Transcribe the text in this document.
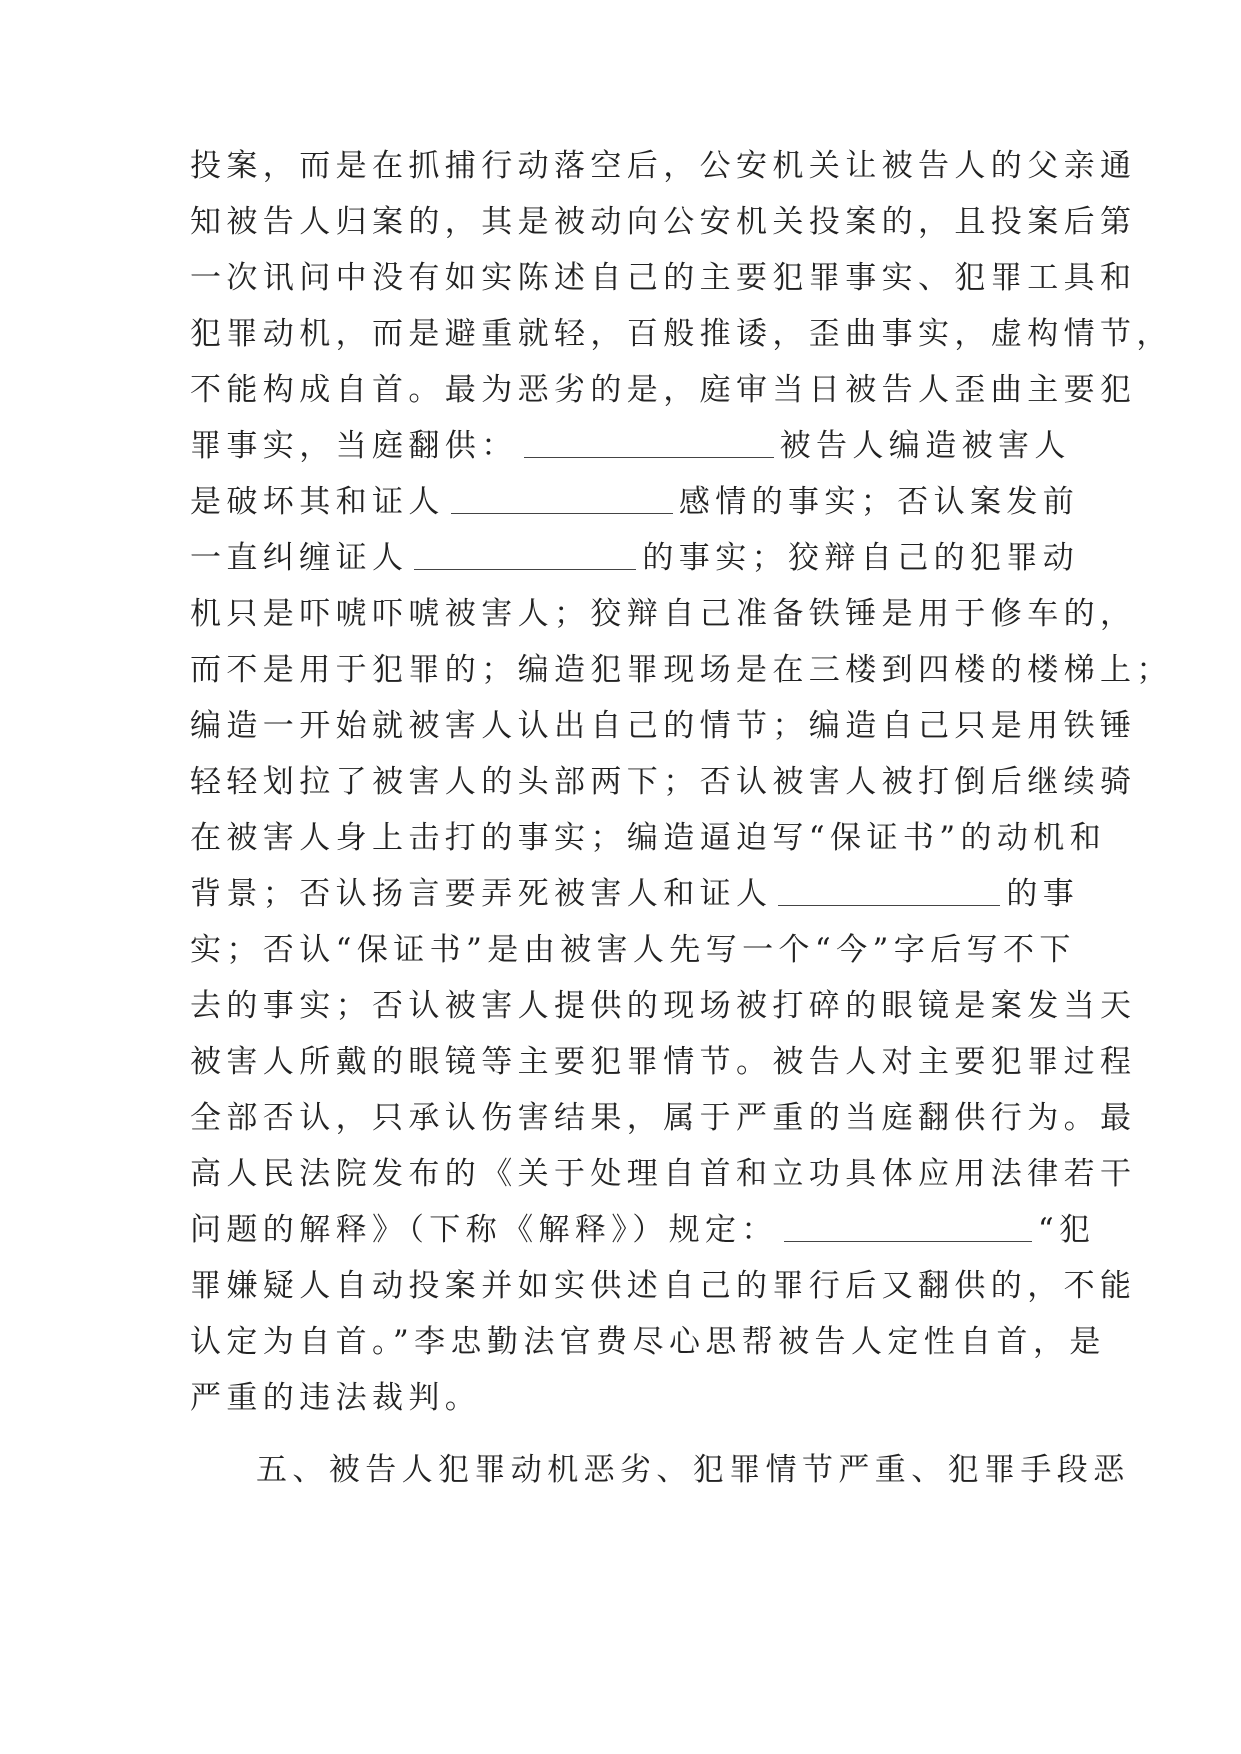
投案，而是在抓捕行动落空后，公安机关让被告人的父亲通
知被告人归案的，其是被动向公安机关投案的，且投案后第
一次讯问中没有如实陈述自己的主要犯罪事实、犯罪工具和
犯罪动机，而是避重就轻，百般推诿，歪曲事实，虚构情节，
不能构成自首。最为恶劣的是，庭审当日被告人歪曲主要犯
罪事实，当庭翻供：	被告人编造被害人
是破坏其和证人	感情的事实；否认案发前
一直纠缠证人	的事实；狡辩自己的犯罪动
机只是吓唬吓唬被害人；狡辩自己准备铁锤是用于修车的，
而不是用于犯罪的；编造犯罪现场是在三楼到四楼的楼梯上；
编造一开始就被害人认出自己的情节；编造自己只是用铁锤
轻轻划拉了被害人的头部两下；否认被害人被打倒后继续骑
在被害人身上击打的事实；编造逼迫写“保证书”的动机和
背景；否认扬言要弄死被害人和证人	的事
实；否认“保证书”是由被害人先写一个“今”字后写不下
去的事实；否认被害人提供的现场被打碎的眼镜是案发当天
被害人所戴的眼镜等主要犯罪情节。被告人对主要犯罪过程
全部否认，只承认伤害结果，属于严重的当庭翻供行为。最
高人民法院发布的《关于处理自首和立功具体应用法律若干
问题的解释》（下称《解释》）规定：	“犯
罪嫌疑人自动投案并如实供述自己的罪行后又翻供的，不能
认定为自首。”李忠勤法官费尽心思帮被告人定性自首，是
严重的违法裁判。
五、被告人犯罪动机恶劣、犯罪情节严重、犯罪手段恶
